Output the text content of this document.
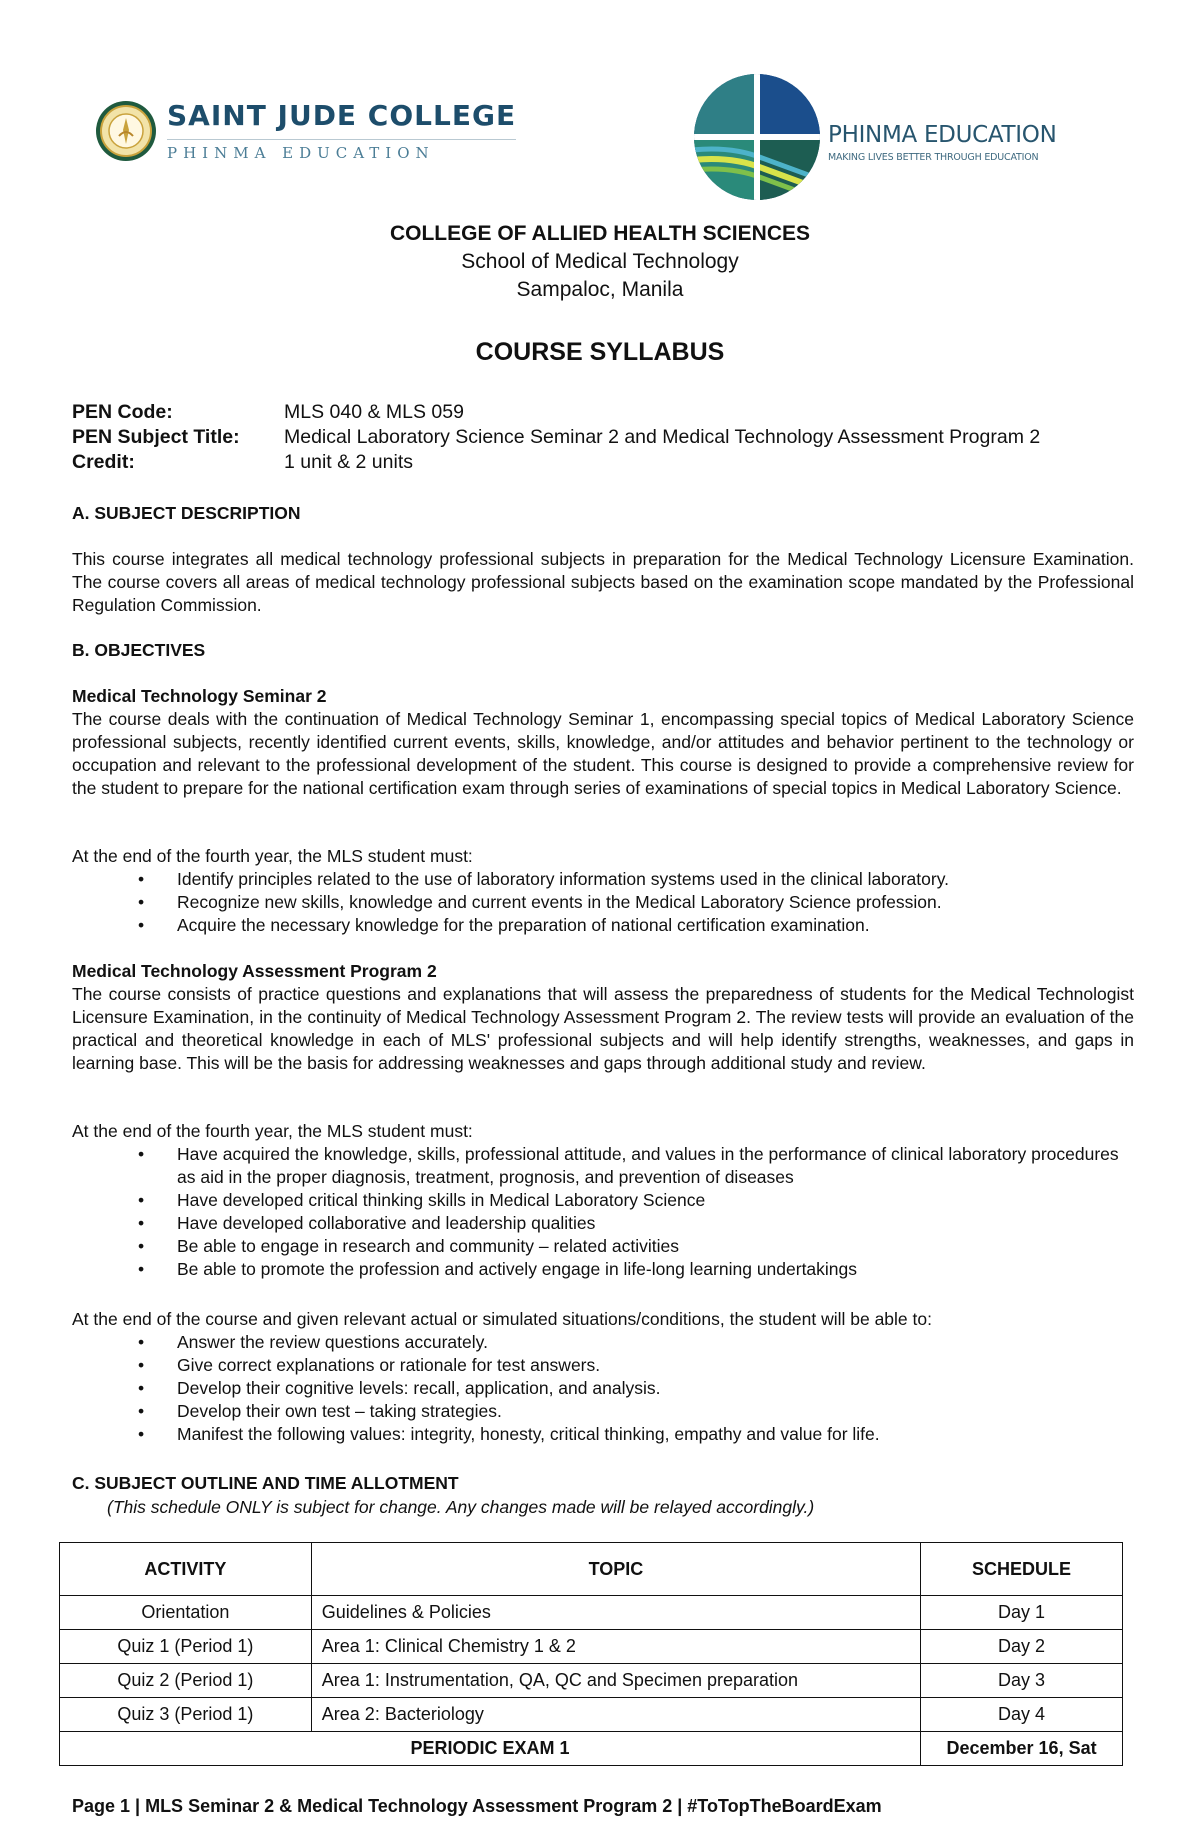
SAINT JUDE COLLEGE
PHINMA EDUCATION
PHINMA EDUCATION
MAKING LIVES BETTER THROUGH EDUCATION
COLLEGE OF ALLIED HEALTH SCIENCES
School of Medical Technology
Sampaloc, Manila
COURSE SYLLABUS
PEN Code:	MLS 040 & MLS 059
PEN Subject Title:	Medical Laboratory Science Seminar 2 and Medical Technology Assessment Program 2
Credit:	1 unit & 2 units
A. SUBJECT DESCRIPTION

This course integrates all medical technology professional subjects in preparation for the Medical Technology Licensure Examination. The course covers all areas of medical technology professional subjects based on the examination scope mandated by the Professional Regulation Commission.

B. OBJECTIVES
Medical Technology Seminar 2

The course deals with the continuation of Medical Technology Seminar 1, encompassing special topics of Medical Laboratory Science professional subjects, recently identified current events, skills, knowledge, and/or attitudes and behavior pertinent to the technology or occupation and relevant to the professional development of the student. This course is designed to provide a comprehensive review for the student to prepare for the national certification exam through series of examinations of special topics in Medical Laboratory Science.

At the end of the fourth year, the MLS student must:

• Identify principles related to the use of laboratory information systems used in the clinical laboratory.
• Recognize new skills, knowledge and current events in the Medical Laboratory Science profession.
• Acquire the necessary knowledge for the preparation of national certification examination.
Medical Technology Assessment Program 2

The course consists of practice questions and explanations that will assess the preparedness of students for the Medical Technologist Licensure Examination, in the continuity of Medical Technology Assessment Program 2. The review tests will provide an evaluation of the practical and theoretical knowledge in each of MLS' professional subjects and will help identify strengths, weaknesses, and gaps in learning base. This will be the basis for addressing weaknesses and gaps through additional study and review.

At the end of the fourth year, the MLS student must:

• Have acquired the knowledge, skills, professional attitude, and values in the performance of clinical laboratory procedures as aid in the proper diagnosis, treatment, prognosis, and prevention of diseases
• Have developed critical thinking skills in Medical Laboratory Science
• Have developed collaborative and leadership qualities
• Be able to engage in research and community – related activities
• Be able to promote the profession and actively engage in life-long learning undertakings

At the end of the course and given relevant actual or simulated situations/conditions, the student will be able to:

• Answer the review questions accurately.
• Give correct explanations or rationale for test answers.
• Develop their cognitive levels: recall, application, and analysis.
• Develop their own test – taking strategies.
• Manifest the following values: integrity, honesty, critical thinking, empathy and value for life.
C. SUBJECT OUTLINE AND TIME ALLOTMENT
(This schedule ONLY is subject for change. Any changes made will be relayed accordingly.)
ACTIVITY	TOPIC	SCHEDULE
Orientation	Guidelines & Policies	Day 1
Quiz 1 (Period 1)	Area 1: Clinical Chemistry 1 & 2	Day 2
Quiz 2 (Period 1)	Area 1: Instrumentation, QA, QC and Specimen preparation	Day 3
Quiz 3 (Period 1)	Area 2: Bacteriology	Day 4
PERIODIC EXAM 1		December 16, Sat
Page 1 | MLS Seminar 2 & Medical Technology Assessment Program 2 | #ToTopTheBoardExam
